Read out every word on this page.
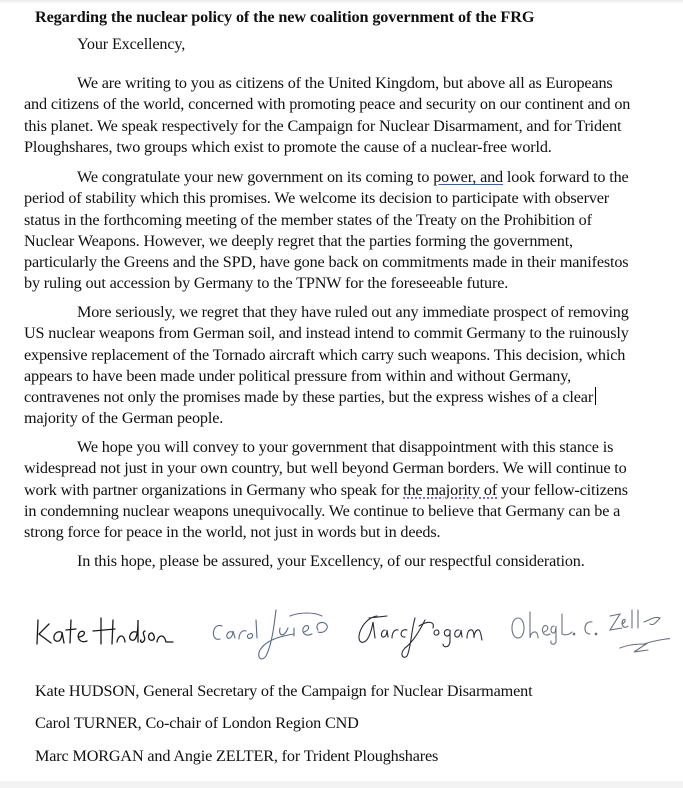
Regarding the nuclear policy of the new coalition government of the FRG
Your Excellency,
We are writing to you as citizens of the United Kingdom, but above all as Europeans
and citizens of the world, concerned with promoting peace and security on our continent and on
this planet. We speak respectively for the Campaign for Nuclear Disarmament, and for Trident
Ploughshares, two groups which exist to promote the cause of a nuclear-free world.
We congratulate your new government on its coming to power, and look forward to the
period of stability which this promises. We welcome its decision to participate with observer
status in the forthcoming meeting of the member states of the Treaty on the Prohibition of
Nuclear Weapons. However, we deeply regret that the parties forming the government,
particularly the Greens and the SPD, have gone back on commitments made in their manifestos
by ruling out accession by Germany to the TPNW for the foreseeable future.
More seriously, we regret that they have ruled out any immediate prospect of removing
US nuclear weapons from German soil, and instead intend to commit Germany to the ruinously
expensive replacement of the Tornado aircraft which carry such weapons. This decision, which
appears to have been made under political pressure from within and without Germany,
contravenes not only the promises made by these parties, but the express wishes of a clear
majority of the German people.
We hope you will convey to your government that disappointment with this stance is
widespread not just in your own country, but well beyond German borders. We will continue to
work with partner organizations in Germany who speak for the majority of your fellow-citizens
in condemning nuclear weapons unequivocally. We continue to believe that Germany can be a
strong force for peace in the world, not just in words but in deeds.
In this hope, please be assured, your Excellency, of our respectful consideration.
Kate HUDSON, General Secretary of the Campaign for Nuclear Disarmament
Carol TURNER, Co-chair of London Region CND
Marc MORGAN and Angie ZELTER, for Trident Ploughshares
